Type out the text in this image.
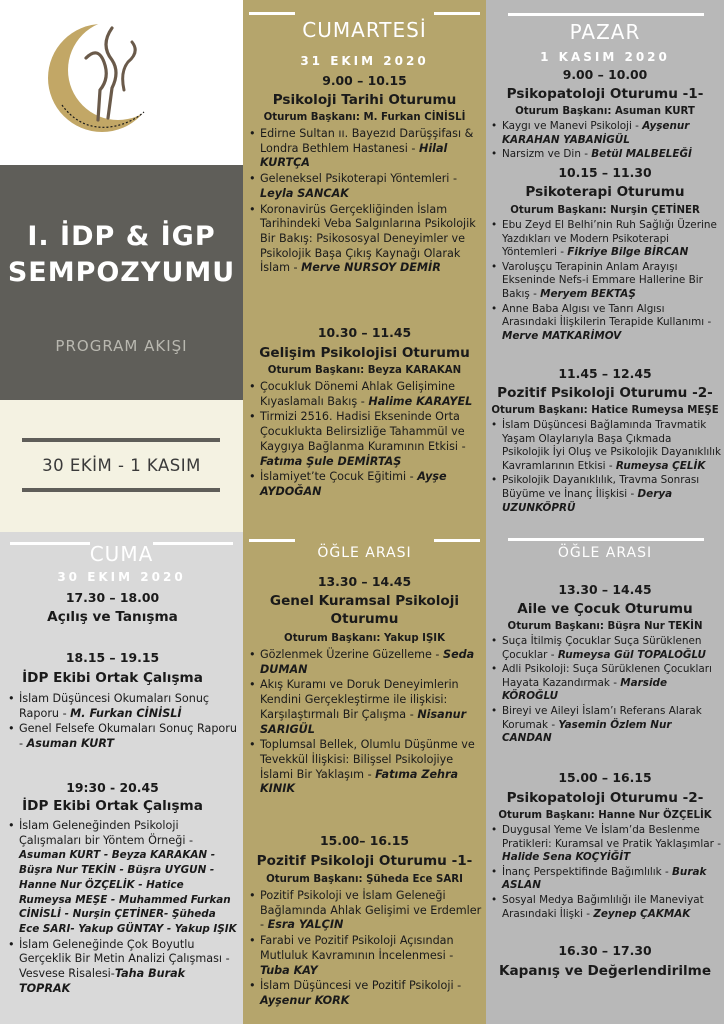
I. İDP & İGP
SEMPOZYUMU
PROGRAM AKIŞI
30 EKİM - 1 KASIM
CUMA
30 EKIM 2020
17.30 – 18.00
Açılış ve Tanışma
18.15 – 19.15
İDP Ekibi Ortak Çalışma
• İslam Düşüncesi Okumaları Sonuç Raporu - M. Furkan CİNİSLİ
• Genel Felsefe Okumaları Sonuç Raporu - Asuman KURT
19:30 - 20.45
İDP Ekibi Ortak Çalışma
• İslam Geleneğinden Psikoloji Çalışmaları bir Yöntem Örneği - Asuman KURT - Beyza KARAKAN - Büşra Nur TEKİN - Büşra UYGUN - Hanne Nur ÖZÇELİK - Hatice Rumeysa MEŞE - Muhammed Furkan CİNİSLİ - Nurşin ÇETİNER- Şüheda Ece SARI- Yakup GÜNTAY - Yakup IŞIK
• İslam Geleneğinde Çok Boyutlu Gerçeklik Bir Metin Analizi Çalışması - Vesvese Risalesi-Taha Burak TOPRAK
CUMARTESİ
31 EKIM 2020
9.00 – 10.15
Psikoloji Tarihi Oturumu
Oturum Başkanı: M. Furkan CİNİSLİ
• Edirne Sultan ıı. Bayezıd Darüşşifası & Londra Bethlem Hastanesi - Hilal KURTÇA
• Geleneksel Psikoterapi Yöntemleri - Leyla SANCAK
• Koronavirüs Gerçekliğinden İslam Tarihindeki Veba Salgınlarına Psikolojik Bir Bakış: Psikososyal Deneyimler ve Psikolojik Başa Çıkış Kaynağı Olarak İslam - Merve NURSOY DEMİR
10.30 – 11.45
Gelişim Psikolojisi Oturumu
Oturum Başkanı: Beyza KARAKAN
• Çocukluk Dönemi Ahlak Gelişimine Kıyaslamalı Bakış - Halime KARAYEL
• Tirmizi 2516. Hadisi Ekseninde Orta Çocuklukta Belirsizliğe Tahammül ve Kaygıya Bağlanma Kuramının Etkisi - Fatıma Şule DEMİRTAŞ
• İslamiyet’te Çocuk Eğitimi - Ayşe AYDOĞAN
ÖĞLE ARASI
13.30 – 14.45
Genel Kuramsal Psikoloji
Oturumu
Oturum Başkanı: Yakup IŞIK
• Gözlenmek Üzerine Güzelleme - Seda DUMAN
• Akış Kuramı ve Doruk Deneyimlerin Kendini Gerçekleştirme ile ilişkisi: Karşılaştırmalı Bir Çalışma - Nisanur SARIGÜL
• Toplumsal Bellek, Olumlu Düşünme ve Tevekkül İlişkisi: Bilişsel Psikolojiye İslami Bir Yaklaşım - Fatıma Zehra KINIK
15.00– 16.15
Pozitif Psikoloji Oturumu -1-
Oturum Başkanı: Şüheda Ece SARI
• Pozitif Psikoloji ve İslam Geleneği Bağlamında Ahlak Gelişimi ve Erdemler - Esra YALÇIN
• Farabi ve Pozitif Psikoloji Açısından Mutluluk Kavramının İncelenmesi - Tuba KAY
• İslam Düşüncesi ve Pozitif Psikoloji - Ayşenur KORK
PAZAR
1 KASIM 2020
9.00 – 10.00
Psikopatoloji Oturumu -1-
Oturum Başkanı: Asuman KURT
• Kaygı ve Manevi Psikoloji - Ayşenur KARAHAN YABANİGÜL
• Narsizm ve Din - Betül MALBELEĞİ
10.15 – 11.30
Psikoterapi Oturumu
Oturum Başkanı: Nurşin ÇETİNER
• Ebu Zeyd El Belhi’nin Ruh Sağlığı Üzerine Yazdıkları ve Modern Psikoterapi Yöntemleri - Fikriye Bilge BİRCAN
• Varoluşçu Terapinin Anlam Arayışı Ekseninde Nefs-i Emmare Hallerine Bir Bakış - Meryem BEKTAŞ
• Anne Baba Algısı ve Tanrı Algısı Arasındaki İlişkilerin Terapide Kullanımı - Merve MATKARİMOV
11.45 – 12.45
Pozitif Psikoloji Oturumu -2-
Oturum Başkanı: Hatice Rumeysa MEŞE
• İslam Düşüncesi Bağlamında Travmatik Yaşam Olaylarıyla Başa Çıkmada Psikolojik İyi Oluş ve Psikolojik Dayanıklılık Kavramlarının Etkisi - Rumeysa ÇELİK
• Psikolojik Dayanıklılık, Travma Sonrası Büyüme ve İnanç İlişkisi - Derya UZUNKÖPRÜ
ÖĞLE ARASI
13.30 – 14.45
Aile ve Çocuk Oturumu
Oturum Başkanı: Büşra Nur TEKİN
• Suça İtilmiş Çocuklar Suça Sürüklenen Çocuklar - Rumeysa Gül TOPALOĞLU
• Adli Psikoloji: Suça Sürüklenen Çocukları Hayata Kazandırmak - Marside KÖROĞLU
• Bireyi ve Aileyi İslam’ı Referans Alarak Korumak - Yasemin Özlem Nur CANDAN
15.00 – 16.15
Psikopatoloji Oturumu -2-
Oturum Başkanı: Hanne Nur ÖZÇELİK
• Duygusal Yeme Ve İslam’da Beslenme Pratikleri: Kuramsal ve Pratik Yaklaşımlar - Halide Sena KOÇYİĞİT
• İnanç Perspektifinde Bağımlılık - Burak ASLAN
• Sosyal Medya Bağımlılığı ile Maneviyat Arasındaki İlişki - Zeynep ÇAKMAK
16.30 – 17.30
Kapanış ve Değerlendirilme
